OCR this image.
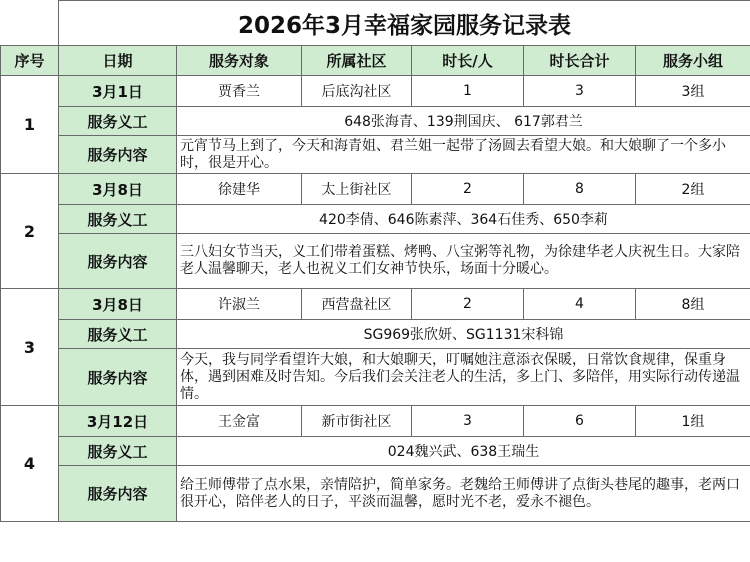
	2026年3月幸福家园服务记录表					
序号	日期	服务对象	所属社区	时长/人	时长合计	服务小组
1	3月1日	贾香兰	后底沟社区	1	3	3组
	服务义工	648张海青、139荆国庆、 617郭君兰				
	服务内容	元宵节马上到了，今天和海青姐、君兰姐一起带了汤圆去看望大娘。和大娘聊了一个多小时，很是开心。				
2	3月8日	徐建华	太上街社区	2	8	2组
	服务义工	420李倩、646陈素萍、364石佳秀、650李莉				
	服务内容	三八妇女节当天，义工们带着蛋糕、烤鸭、八宝粥等礼物，为徐建华老人庆祝生日。大家陪老人温馨聊天，老人也祝义工们女神节快乐，场面十分暖心。				
3	3月8日	许淑兰	西营盘社区	2	4	8组
	服务义工	SG969张欣妍、SG1131宋科锦				
	服务内容	今天，我与同学看望许大娘，和大娘聊天，叮嘱她注意添衣保暖，日常饮食规律，保重身体，遇到困难及时告知。今后我们会关注老人的生活，多上门、多陪伴，用实际行动传递温情。				
4	3月12日	王金富	新市街社区	3	6	1组
	服务义工	024魏兴武、638王瑞生				
	服务内容	给王师傅带了点水果，亲情陪护，简单家务。老魏给王师傅讲了点街头巷尾的趣事，老两口很开心，陪伴老人的日子，平淡而温馨，愿时光不老，爱永不褪色。				
